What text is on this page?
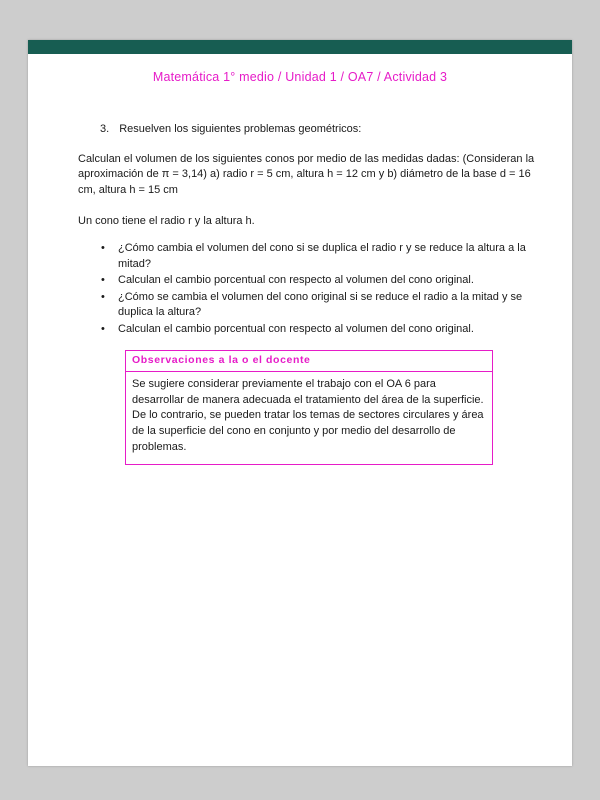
Matemática 1° medio / Unidad 1 / OA7 / Actividad 3
3. Resuelven los siguientes problemas geométricos:

Calculan el volumen de los siguientes conos por medio de las medidas dadas: (Consideran la aproximación de π = 3,14) a) radio r = 5 cm, altura h = 12 cm y b) diámetro de la base d = 16 cm, altura h = 15 cm

Un cono tiene el radio r y la altura h.

• ¿Cómo cambia el volumen del cono si se duplica el radio r y se reduce la altura a la mitad?
• Calculan el cambio porcentual con respecto al volumen del cono original.
• ¿Cómo se cambia el volumen del cono original si se reduce el radio a la mitad y se duplica la altura?
• Calculan el cambio porcentual con respecto al volumen del cono original.
Observaciones a la o el docente
Se sugiere considerar previamente el trabajo con el OA 6 para desarrollar de manera adecuada el tratamiento del área de la superficie. De lo contrario, se pueden tratar los temas de sectores circulares y área de la superficie del cono en conjunto y por medio del desarrollo de problemas.
